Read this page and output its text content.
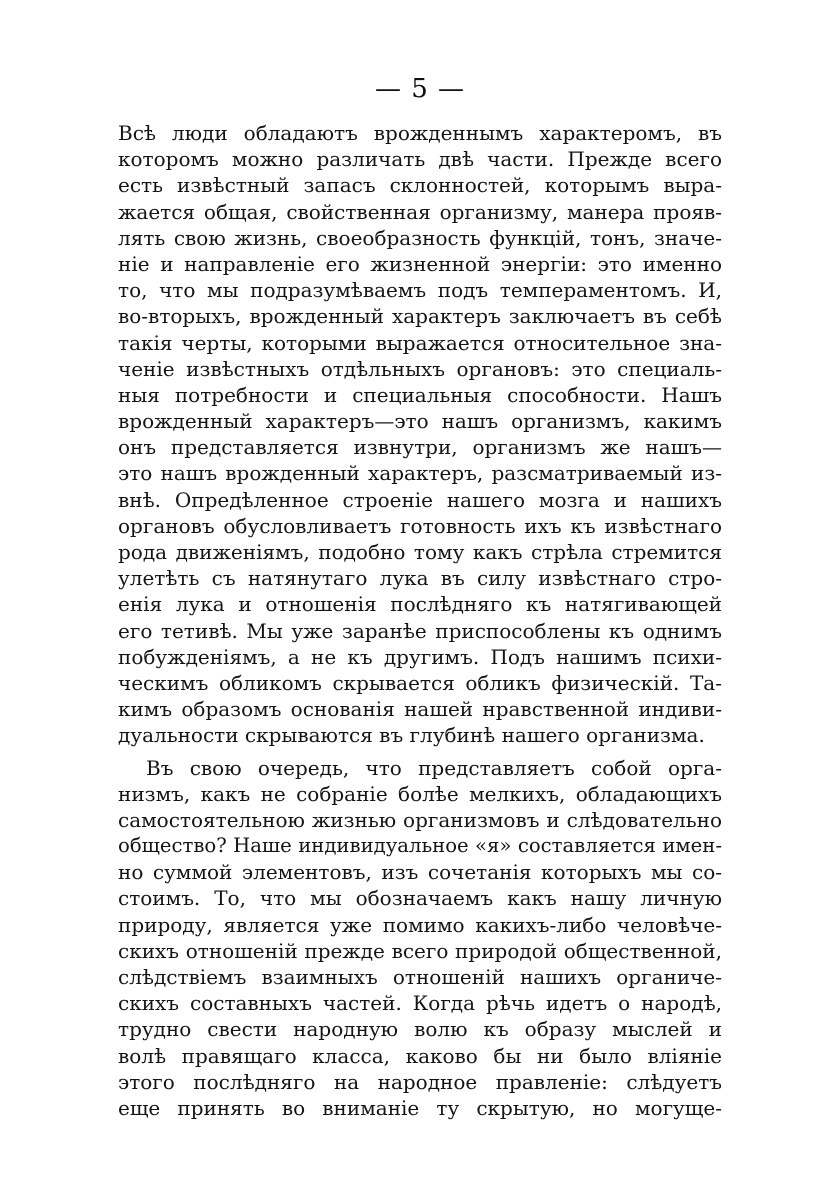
— 5 —
Всѣ люди обладаютъ врожденнымъ характеромъ, въ
которомъ можно различать двѣ части. Прежде всего
есть извѣстный запасъ склонностей, которымъ выра-
жается общая, свойственная организму, манера прояв-
лять свою жизнь, своеобразность функцій, тонъ, значе-
нiе и направленiе его жизненной энергiи: это именно
то, что мы подразумѣваемъ подъ темпераментомъ. И,
во-вторыхъ, врожденный характеръ заключаетъ въ себѣ
такiя черты, которыми выражается относительное зна-
ченiе извѣстныхъ отдѣльныхъ органовъ: это специаль-
ныя потребности и специальныя способности. Нашъ
врожденный характеръ—это нашъ организмъ, какимъ
онъ представляется извнутри, организмъ же нашъ—
это нашъ врожденный характеръ, разсматриваемый из-
внѣ. Опредѣленное строенiе нашего мозга и нашихъ
органовъ обусловливаетъ готовность ихъ къ извѣстнаго
рода движенiямъ, подобно тому какъ стрѣла стремится
улетѣть съ натянутаго лука въ силу извѣстнаго стро-
енiя лука и отношенiя послѣдняго къ натягивающей
его тетивѣ. Мы уже заранѣе приспособлены къ однимъ
побужденiямъ, а не къ другимъ. Подъ нашимъ психи-
ческимъ обликомъ скрывается обликъ физическiй. Та-
кимъ образомъ основанiя нашей нравственной индиви-
дуальности скрываются въ глубинѣ нашего организма.
Въ свою очередь, что представляетъ собой орга-
низмъ, какъ не собранiе болѣе мелкихъ, обладающихъ
самостоятельною жизнью организмовъ и слѣдовательно
общество? Наше индивидуальное «я» составляется имен-
но суммой элементовъ, изъ сочетанiя которыхъ мы со-
стоимъ. То, что мы обозначаемъ какъ нашу личную
природу, является уже помимо какихъ-либо человѣче-
скихъ отношенiй прежде всего природой общественной,
слѣдствiемъ взаимныхъ отношенiй нашихъ органиче-
скихъ составныхъ частей. Когда рѣчь идетъ о народѣ,
трудно свести народную волю къ образу мыслей и
волѣ правящаго класса, каково бы ни было влiянiе
этого послѣдняго на народное правленiе: слѣдуетъ
еще принять во вниманiе ту скрытую, но могуще-
